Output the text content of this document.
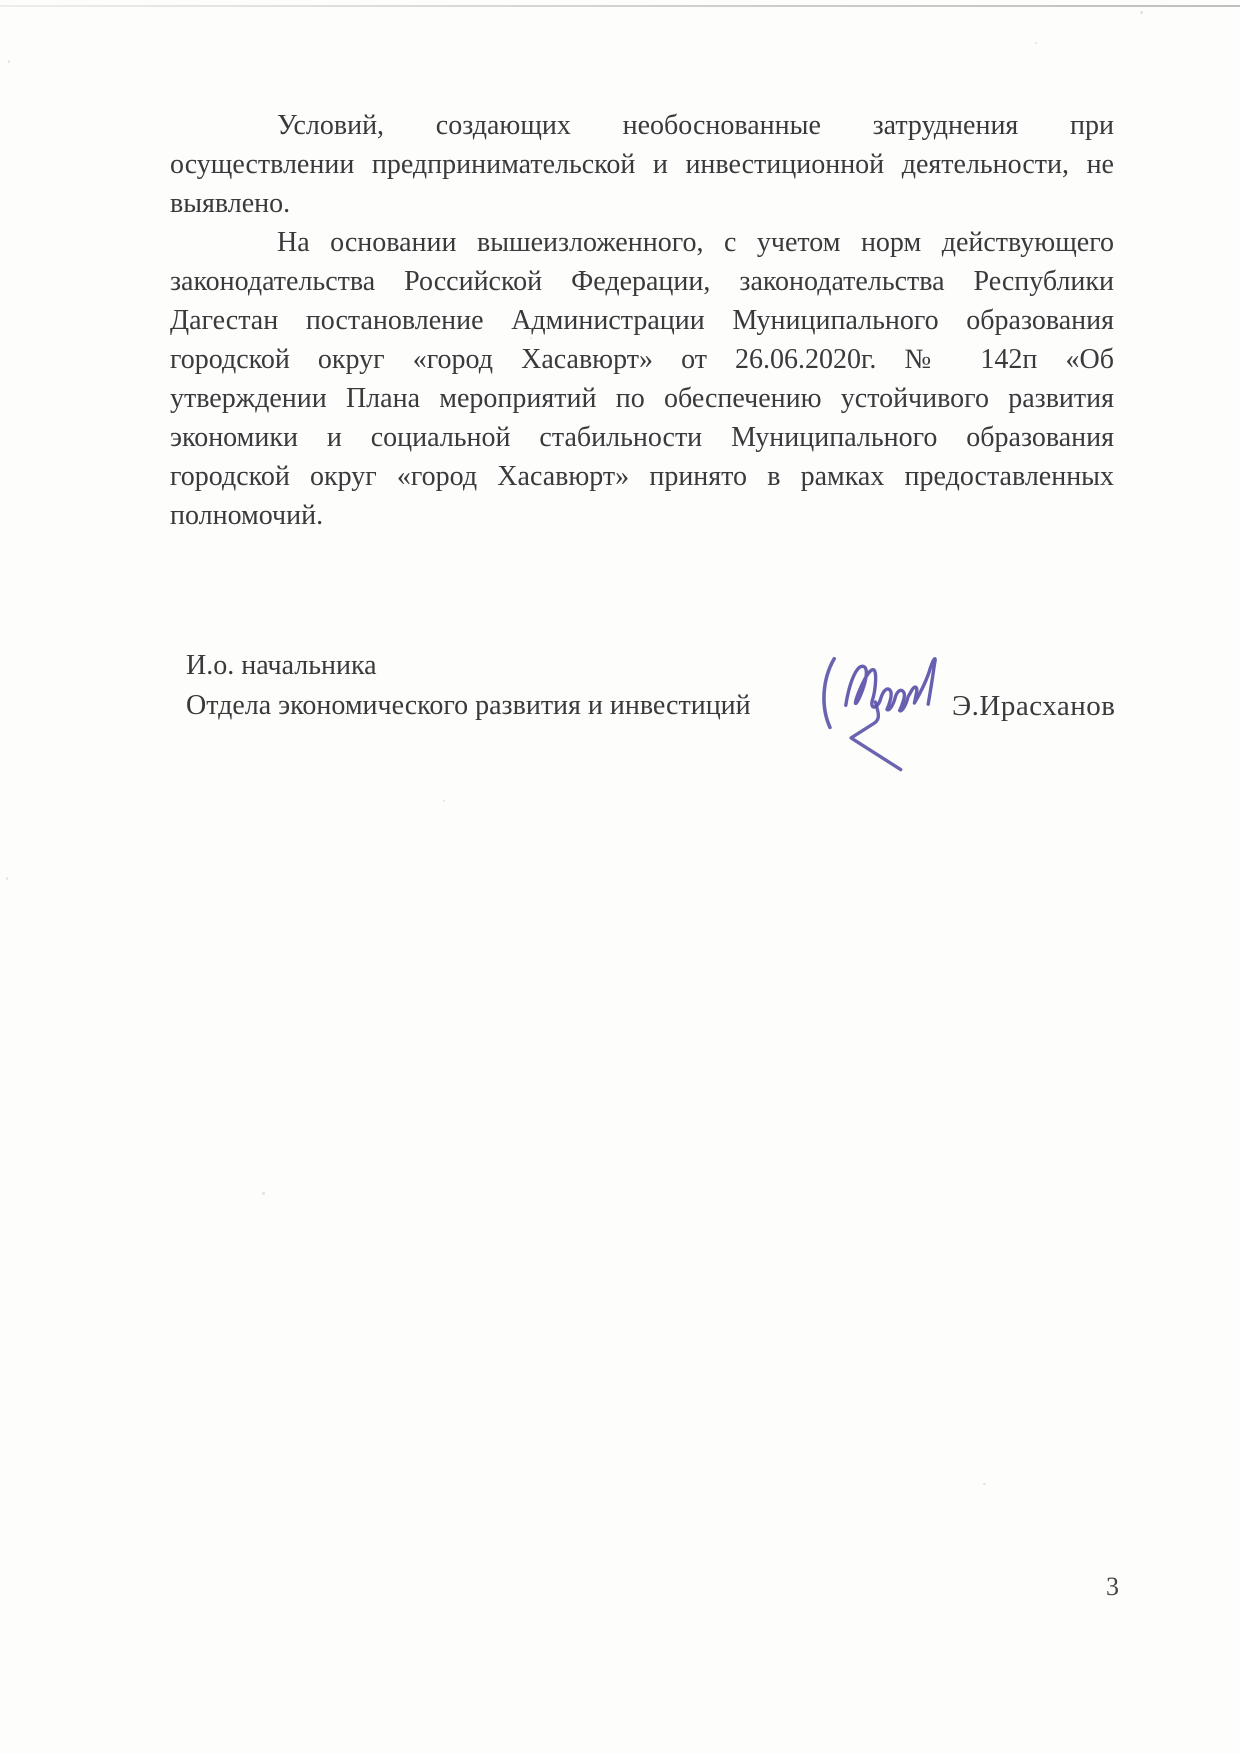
Условий, создающих необоснованные затруднения при
осуществлении предпринимательской и инвестиционной деятельности, не
выявлено.
На основании вышеизложенного, с учетом норм действующего
законодательства Российской Федерации, законодательства Республики
Дагестан постановление Администрации Муниципального образования
городской округ «город Хасавюрт» от 26.06.2020г. № 142п «Об
утверждении Плана мероприятий по обеспечению устойчивого развития
экономики и социальной стабильности Муниципального образования
городской округ «город Хасавюрт» принято в рамках предоставленных
полномочий.
И.о. начальника
Отдела экономического развития и инвестиций	Э.Ирасханов
3
